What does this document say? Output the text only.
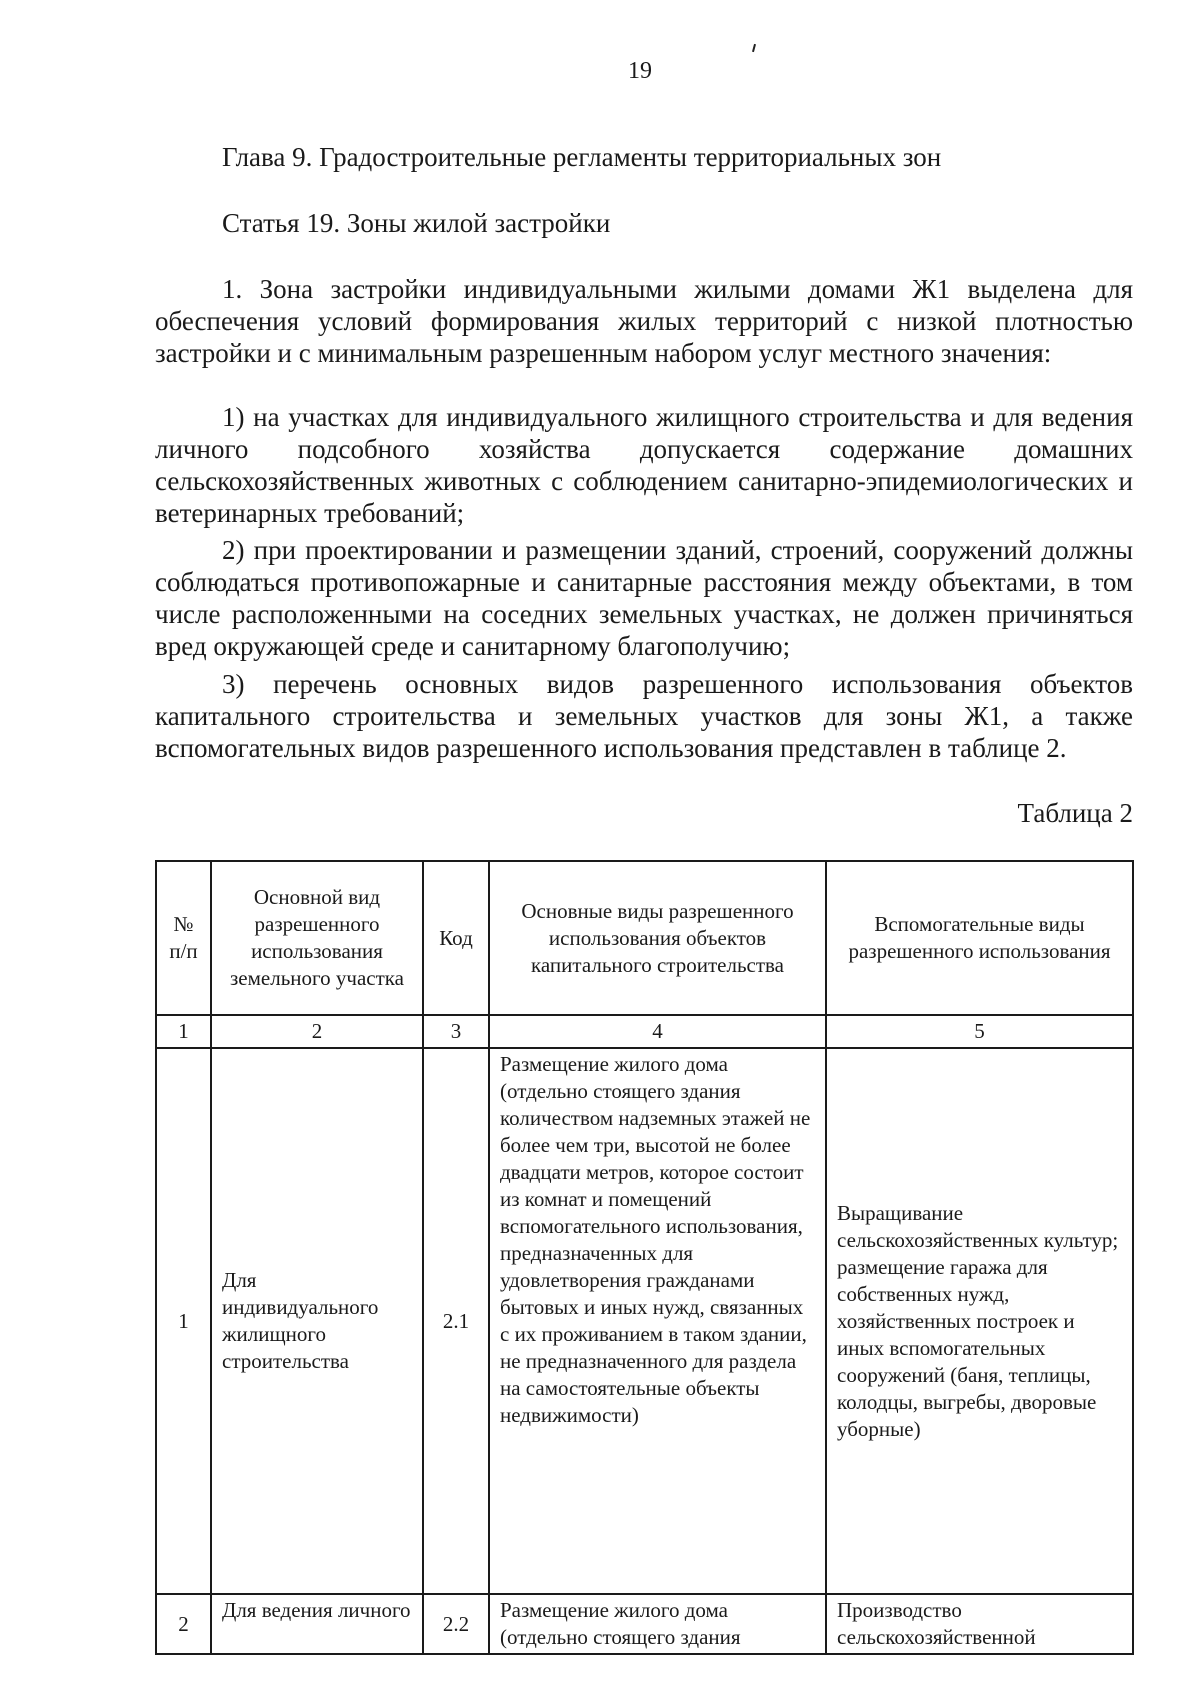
19
Глава 9. Градостроительные регламенты территориальных зон
Статья 19. Зоны жилой застройки

1. Зона застройки индивидуальными жилыми домами Ж1 выделена для обеспечения условий формирования жилых территорий с низкой плотностью застройки и с минимальным разрешенным набором услуг местного значения:

1) на участках для индивидуального жилищного строительства и для ведения личного подсобного хозяйства допускается содержание домашних сельскохозяйственных животных с соблюдением санитарно-эпидемиологических и ветеринарных требований;

2) при проектировании и размещении зданий, строений, сооружений должны соблюдаться противопожарные и санитарные расстояния между объектами, в том числе расположенными на соседних земельных участках, не должен причиняться вред окружающей среде и санитарному благополучию;

3) перечень основных видов разрешенного использования объектов капитального строительства и земельных участков для зоны Ж1, а также вспомогательных видов разрешенного использования представлен в таблице 2.

Таблица 2
№ п/п	Основной вид разрешенного использования земельного участка	Код	Основные виды разрешенного использования объектов капитального строительства	Вспомогательные виды разрешенного использования
1	2	3	4	5
1	Для индивидуального жилищного строительства	2.1	Размещение жилого дома (отдельно стоящего здания количеством надземных этажей не более чем три, высотой не более двадцати метров, которое состоит из комнат и помещений вспомогательного использования, предназначенных для удовлетворения гражданами бытовых и иных нужд, связанных с их проживанием в таком здании, не предназначенного для раздела на самостоятельные объекты недвижимости)	Выращивание сельскохозяйственных культур; размещение гаража для собственных нужд, хозяйственных построек и иных вспомогательных сооружений (баня, теплицы, колодцы, выгребы, дворовые уборные)
2	Для ведения личного	2.2	Размещение жилого дома (отдельно стоящего здания	Производство сельскохозяйственной
